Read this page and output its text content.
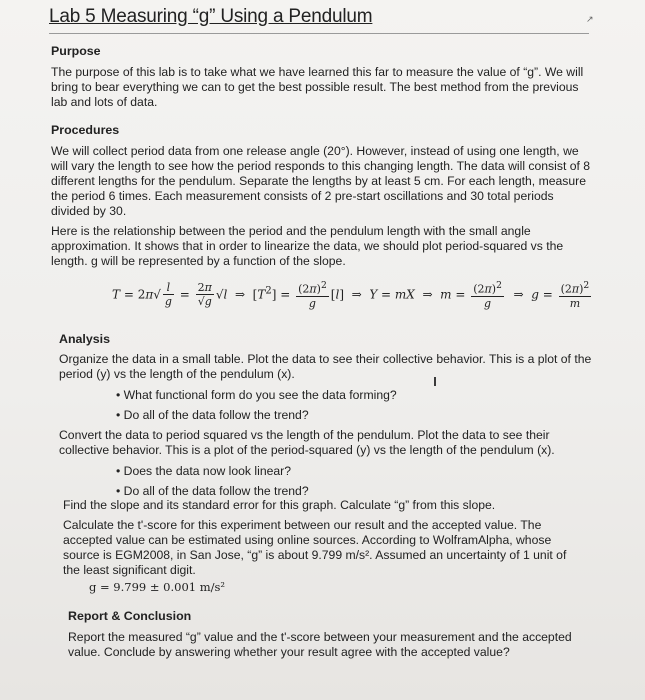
Lab 5 Measuring “g” Using a Pendulum	↗

Purpose

The purpose of this lab is to take what we have learned this far to measure the value of “g”. We will bring to bear everything we can to get the best possible result. The best method from the previous lab and lots of data.

Procedures

We will collect period data from one release angle (20°). However, instead of using one length, we will vary the length to see how the period responds to this changing length. The data will consist of 8 different lengths for the pendulum. Separate the lengths by at least 5 cm. For each length, measure the period 6 times. Each measurement consists of 2 pre-start oscillations and 30 total periods divided by 30.

Here is the relationship between the period and the pendulum length with the small angle approximation. It shows that in order to linearize the data, we should plot period-squared vs the length. g will be represented by a function of the slope.

$T = 2\pi√ \frac{l}{g} = \frac{2\pi}{√g} √l$  ⇒  $[T^2] = \frac{(2\pi)^2}{g} [l]$  ⇒  Y = mX  ⇒  $m = \frac{(2\pi)^2}{g}$ ⇒  $g = \frac{(2\pi)^2}{m}$

Analysis

Organize the data in a small table. Plot the data to see their collective behavior. This is a plot of the period (y) vs the length of the pendulum (x).

• What functional form do you see the data forming?
• Do all of the data follow the trend?

Convert the data to period squared vs the length of the pendulum. Plot the data to see their collective behavior. This is a plot of the period-squared (y) vs the length of the pendulum (x).

• Does the data now look linear?
• Do all of the data follow the trend?

Find the slope and its standard error for this graph. Calculate “g” from this slope.

Calculate the t'-score for this experiment between our result and the accepted value. The accepted value can be estimated using online sources. According to WolframAlpha, whose source is EGM2008, in San Jose, “g” is about 9.799 m/s². Assumed an uncertainty of 1 unit of the least significant digit.

g = 9.799 ± 0.001 m/s²

Report & Conclusion

Report the measured “g” value and the t'-score between your measurement and the accepted value. Conclude by answering whether your result agree with the accepted value?
